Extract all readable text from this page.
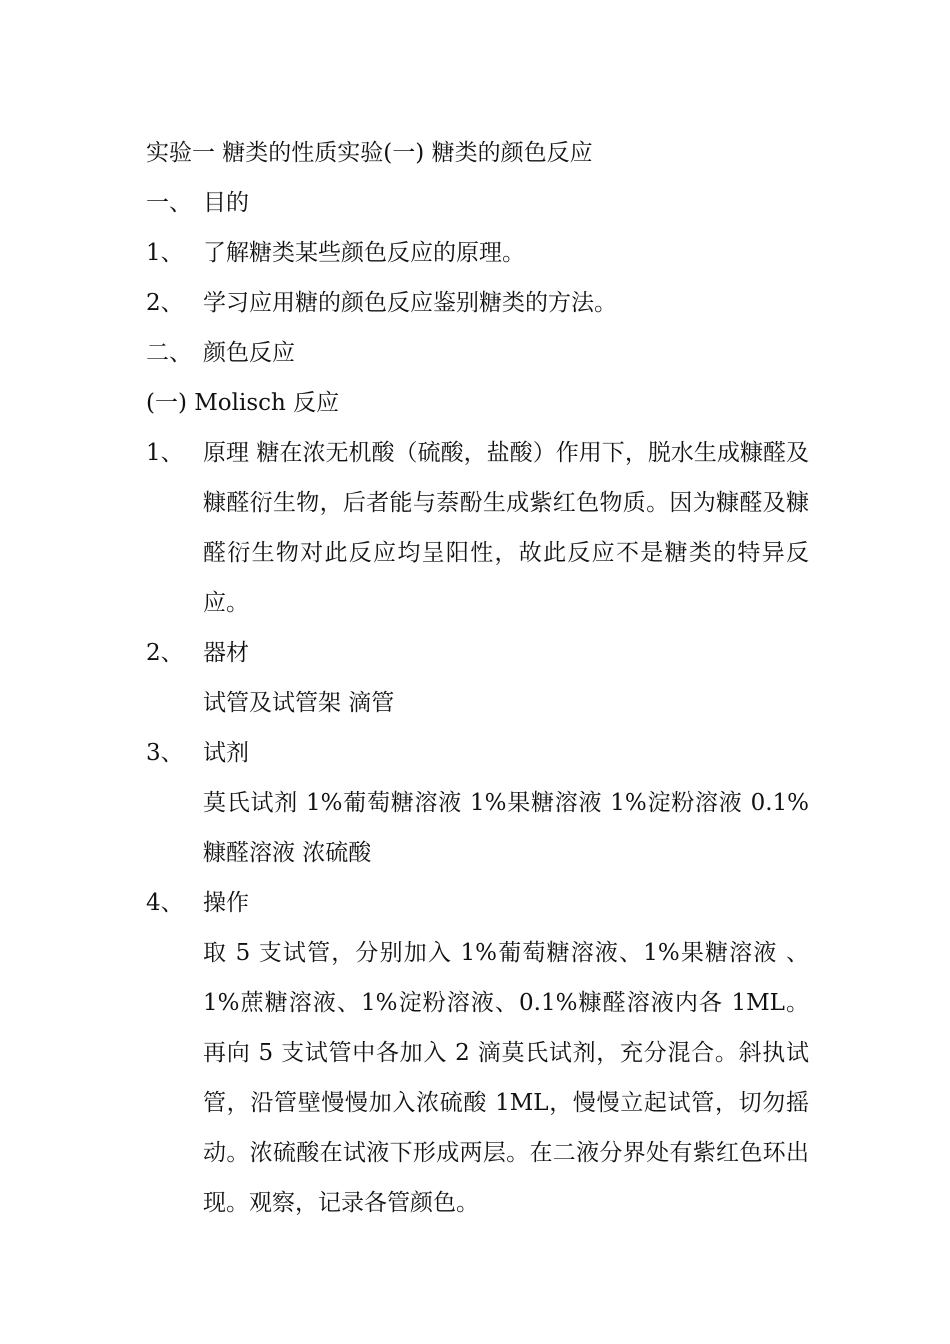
实验一 糖类的性质实验(一) 糖类的颜色反应
一、 目的
1、 了解糖类某些颜色反应的原理。
2、 学习应用糖的颜色反应鉴别糖类的方法。
二、 颜色反应
(一) Molisch 反应
1、 原理 糖在浓无机酸（硫酸，盐酸）作用下，脱水生成糠醛及糠醛衍生物，后者能与萘酚生成紫红色物质。因为糠醛及糠醛衍生物对此反应均呈阳性，故此反应不是糖类的特异反应。
2、 器材
试管及试管架 滴管
3、 试剂
莫氏试剂 1%葡萄糖溶液 1%果糖溶液 1%淀粉溶液 0.1%糠醛溶液 浓硫酸
4、 操作
取 5 支试管，分别加入 1%葡萄糖溶液、1%果糖溶液 、1%蔗糖溶液、1%淀粉溶液、0.1%糠醛溶液内各 1ML。再向 5 支试管中各加入 2 滴莫氏试剂，充分混合。斜执试管，沿管壁慢慢加入浓硫酸 1ML，慢慢立起试管，切勿摇动。浓硫酸在试液下形成两层。在二液分界处有紫红色环出现。观察，记录各管颜色。
